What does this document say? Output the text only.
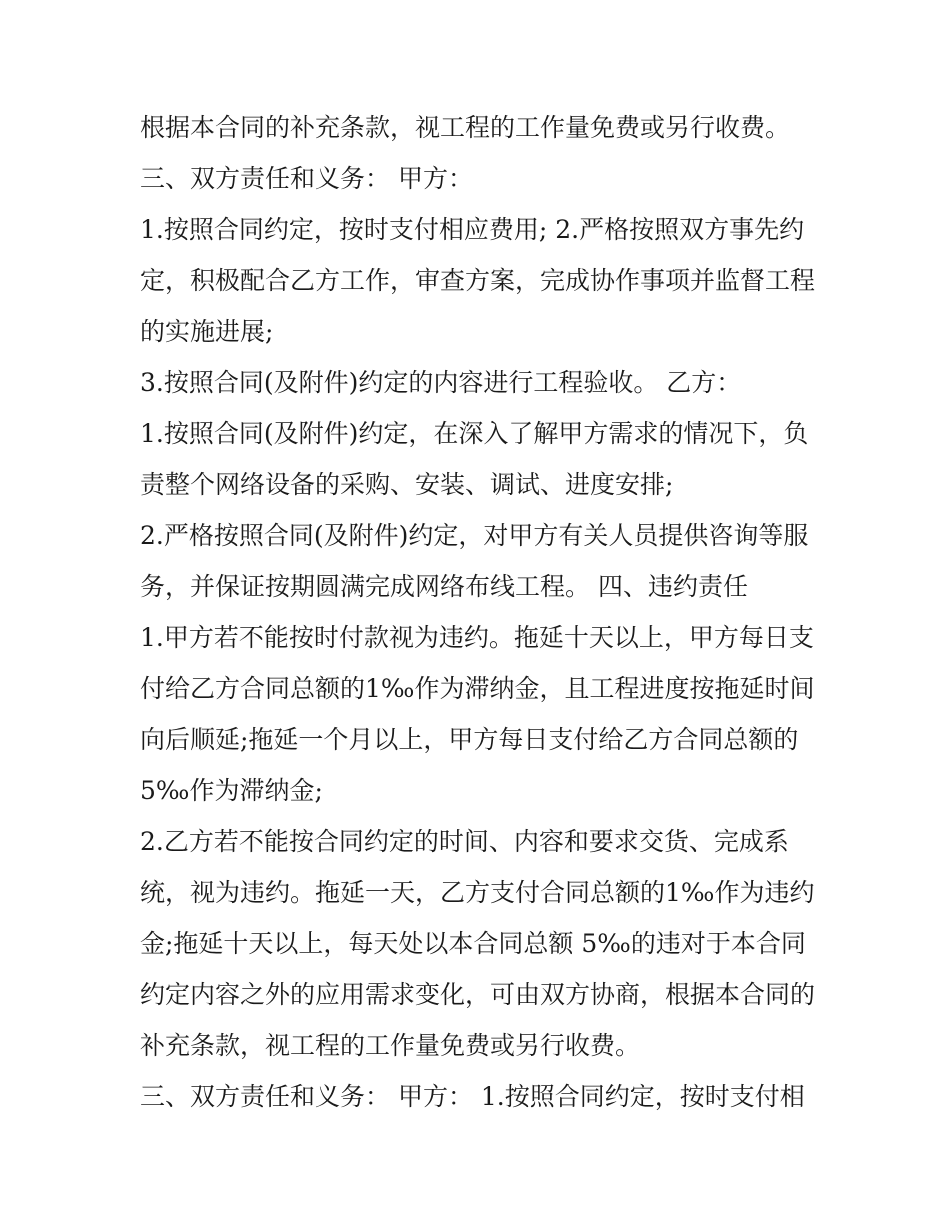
根据本合同的补充条款，视工程的工作量免费或另行收费。
三、双方责任和义务： 甲方：
1.按照合同约定，按时支付相应费用; 2.严格按照双方事先约
定，积极配合乙方工作，审查方案，完成协作事项并监督工程
的实施进展;
3.按照合同(及附件)约定的内容进行工程验收。 乙方：
1.按照合同(及附件)约定，在深入了解甲方需求的情况下，负
责整个网络设备的采购、安装、调试、进度安排;
2.严格按照合同(及附件)约定，对甲方有关人员提供咨询等服
务，并保证按期圆满完成网络布线工程。 四、违约责任
1.甲方若不能按时付款视为违约。拖延十天以上，甲方每日支
付给乙方合同总额的1‰作为滞纳金，且工程进度按拖延时间
向后顺延;拖延一个月以上，甲方每日支付给乙方合同总额的
5‰作为滞纳金;
2.乙方若不能按合同约定的时间、内容和要求交货、完成系
统，视为违约。拖延一天，乙方支付合同总额的1‰作为违约
金;拖延十天以上，每天处以本合同总额 5‰的违对于本合同
约定内容之外的应用需求变化，可由双方协商，根据本合同的
补充条款，视工程的工作量免费或另行收费。
三、双方责任和义务： 甲方： 1.按照合同约定，按时支付相
